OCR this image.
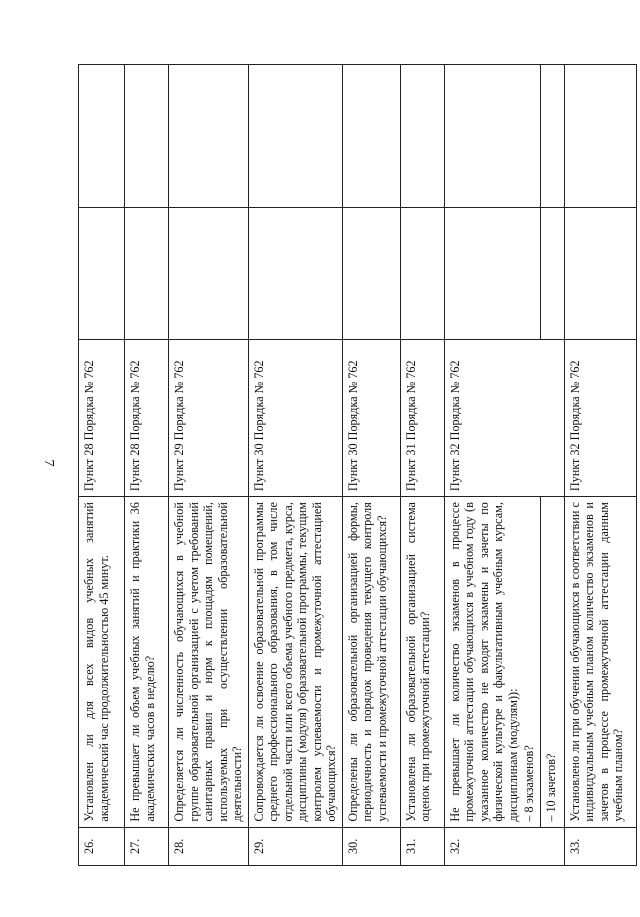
7
26.	Установлен ли для всех видов учебных занятий академический час продолжительностью 45 минут.	Пункт 28 Порядка № 762		
27.	Не превышает ли объем учебных занятий и практики 36 академических часов в неделю?	Пункт 28 Порядка № 762		
28.	Определяется ли численность обучающихся в учебной группе образовательной организацией с учетом требований санитарных правил и норм к площадям помещений, используемых при осуществлении образовательной деятельности?	Пункт 29 Порядка № 762		
29.	Сопровождается ли освоение образовательной программы среднего профессионального образования, в том числе отдельной части или всего объема учебного предмета, курса, дисциплины (модуля) образовательной программы, текущим контролем успеваемости и промежуточной аттестацией обучающихся?	Пункт 30 Порядка № 762		
30.	Определены ли образовательной организацией формы, периодичность и порядок проведения текущего контроля успеваемости и промежуточной аттестации обучающихся?	Пункт 30 Порядка № 762		
31.	Установлена ли образовательной организацией система оценок при промежуточной аттестации?	Пункт 31 Порядка № 762		
32.	Не превышает ли количество экзаменов в процессе промежуточной аттестации обучающихся в учебном году (в указанное количество не входят экзамены и зачеты по физической культуре и факультативным учебным курсам, дисциплинам (модулям)): – 8 экзаменов?	Пункт 32 Порядка № 762		
	– 10 зачетов?			
33.	Установлено ли при обучении обучающихся в соответствии с индивидуальным учебным планом количество экзаменов и зачетов в процессе промежуточной аттестации данным учебным планом?	Пункт 32 Порядка № 762		
